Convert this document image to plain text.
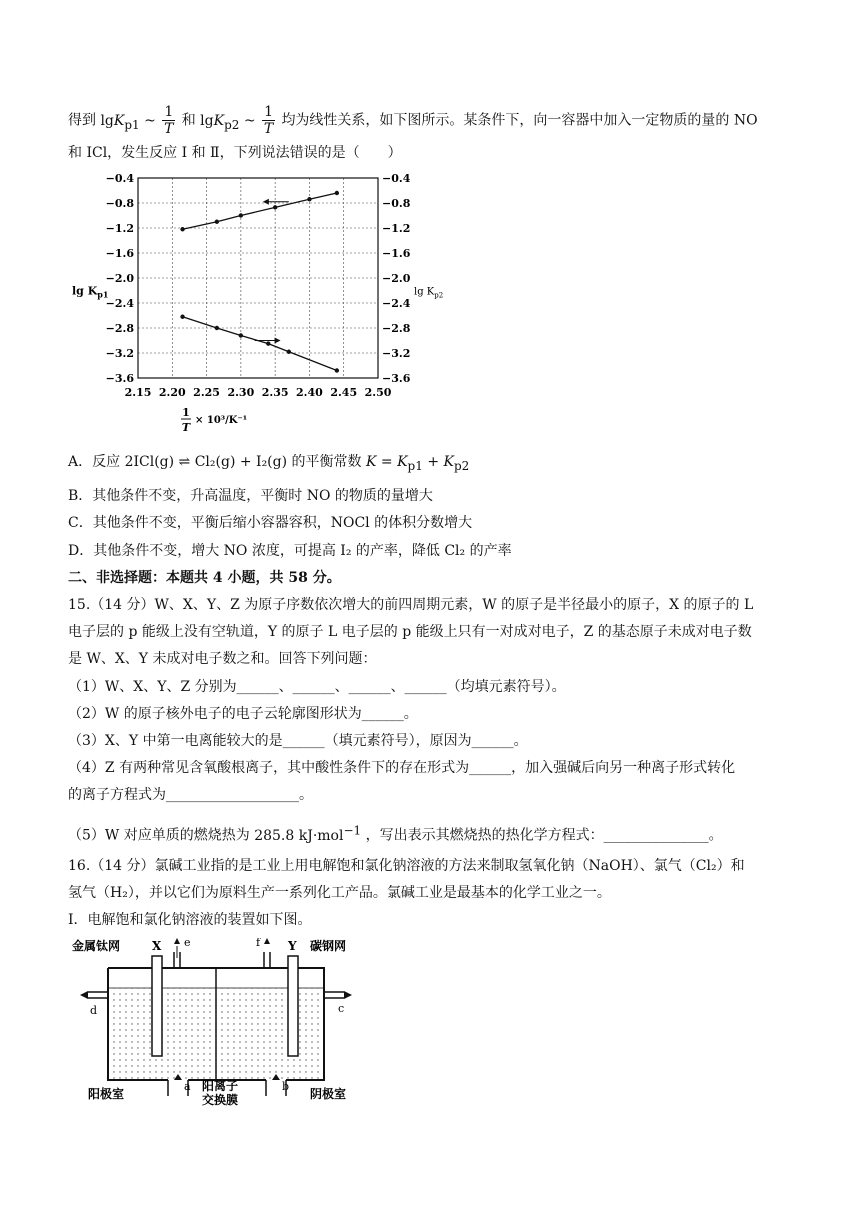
得到 lgK$_{p1}$ ~ $\frac{1}{T}$ 和 lgK$_{p2}$ ~ $\frac{1}{T}$ 均为线性关系，如下图所示。某条件下，向一容器中加入一定物质的量的 NO
和 ICl，发生反应 Ⅰ 和 Ⅱ，下列说法错误的是（　　）
2.15 2.20 2.25 2.30 2.35 2.40 2.45 2.50
−0.4	−0.4
−0.8	−0.8
−1.2	−1.2
−1.6	−1.6
−2.0	−2.0
−2.4	−2.4
−2.8	−2.8
−3.2	−3.2
−3.6	−3.6
$\lg K_{p1}$	$\lg K_{p2}$
1
T
× 10³/K⁻¹
A．反应 2ICl(g) ⇌ Cl₂(g) + I₂(g) 的平衡常数 $K = K_{p1} + K_{p2}$
B．其他条件不变，升高温度，平衡时 NO 的物质的量增大
C．其他条件不变，平衡后缩小容器容积，NOCl 的体积分数增大
D．其他条件不变，增大 NO 浓度，可提高 I₂ 的产率，降低 Cl₂ 的产率
二、非选择题：本题共 4 小题，共 58 分。
15.（14 分）W、X、Y、Z 为原子序数依次增大的前四周期元素，W 的原子是半径最小的原子，X 的原子的 L
电子层的 p 能级上没有空轨道，Y 的原子 L 电子层的 p 能级上只有一对成对电子，Z 的基态原子未成对电子数
是 W、X、Y 未成对电子数之和。回答下列问题：
（1）W、X、Y、Z 分别为______、______、______、______（均填元素符号）。
（2）W 的原子核外电子的电子云轮廓图形状为______。
（3）X、Y 中第一电离能较大的是______（填元素符号），原因为______。
（4）Z 有两种常见含氧酸根离子，其中酸性条件下的存在形式为______，加入强碱后向另一种离子形式转化
的离子方程式为___________________。
（5）W 对应单质的燃烧热为 285.8 kJ·mol$^{-1}$ ，写出表示其燃烧热的热化学方程式：_______________。
16.（14 分）氯碱工业指的是工业上用电解饱和氯化钠溶液的方法来制取氢氧化钠（NaOH）、氯气（Cl₂）和
氢气（H₂），并以它们为原料生产一系列化工产品。氯碱工业是最基本的化学工业之一。
Ⅰ．电解饱和氯化钠溶液的装置如下图。
金属钛网	碳钢网
X	Y
e	f
d	c
a	b
阳极室
阳离子
交换膜	阴极室
